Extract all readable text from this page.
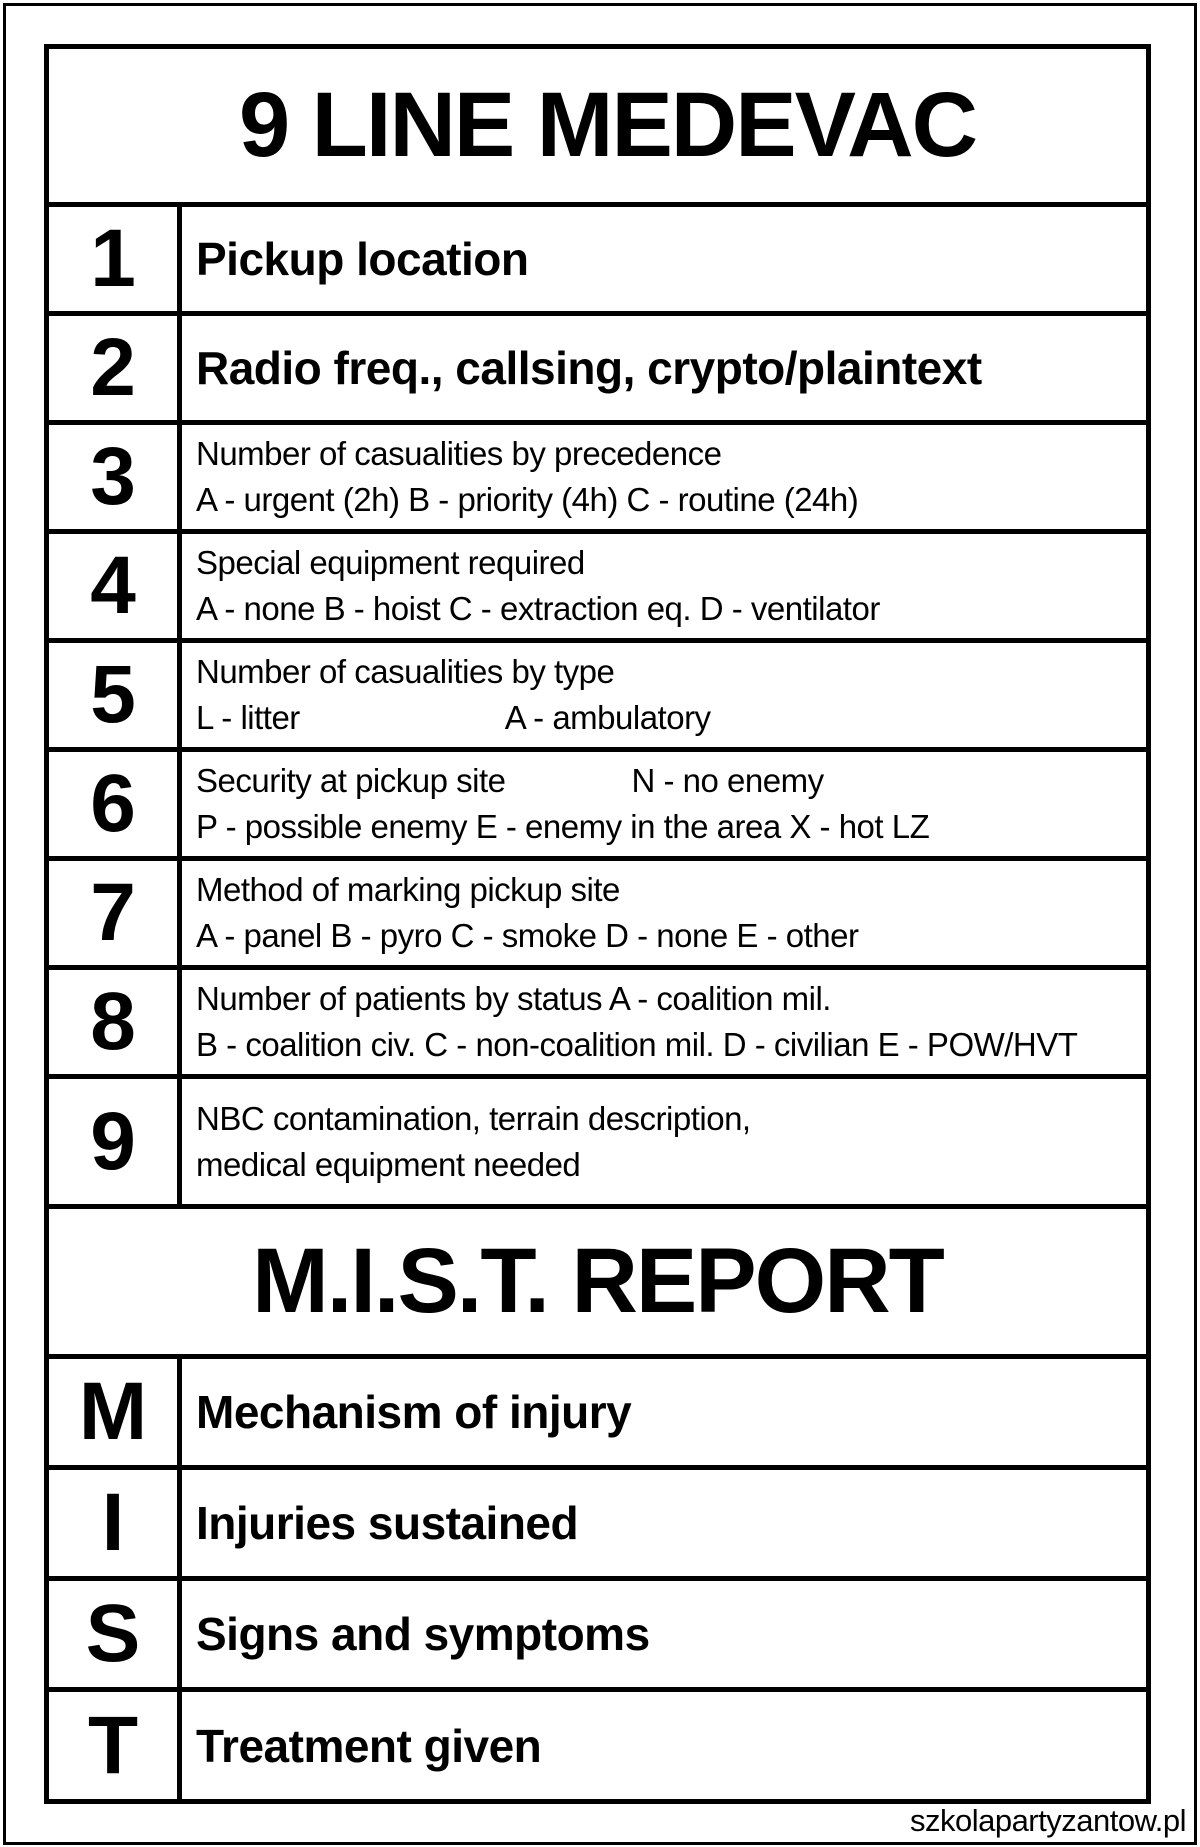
9 LINE MEDEVAC
1	Pickup location
2	Radio freq., callsing, crypto/plaintext
3	Number of casualities by precedence
A - urgent (2h) B - priority (4h) C - routine (24h)
4	Special equipment required
A - none B - hoist C - extraction eq. D - ventilator
5	Number of casualities by type
L - litter	A - ambulatory
6	Security at pickup site	N - no enemy
P - possible enemy E - enemy in the area X - hot LZ
7	Method of marking pickup site
A - panel B - pyro C - smoke D - none E - other
8	Number of patients by status A - coalition mil.
B - coalition civ. C - non-coalition mil. D - civilian E - POW/HVT
9	NBC contamination, terrain description,
medical equipment needed
M.I.S.T. REPORT
M	Mechanism of injury
I	Injuries sustained
S	Signs and symptoms
T	Treatment given
szkolapartyzantow.pl
